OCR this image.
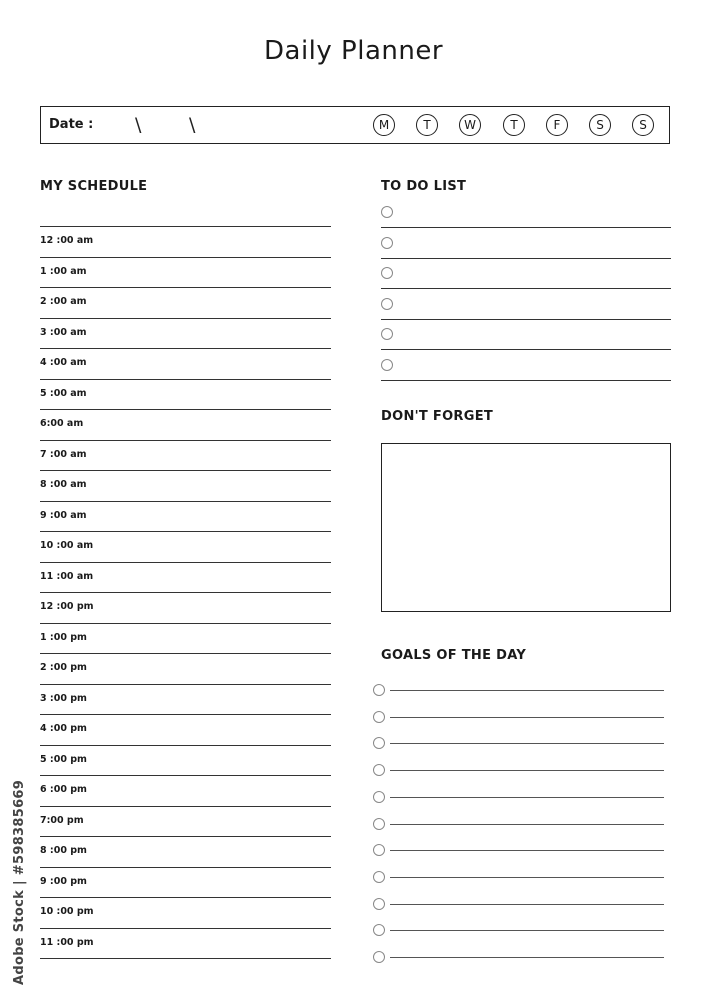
Daily Planner
Date : \	\	M	T	W	T	F	S	S
MY SCHEDULE
12 :00 am
1 :00 am
2 :00 am
3 :00 am
4 :00 am
5 :00 am
6:00 am
7 :00 am
8 :00 am
9 :00 am
10 :00 am
11 :00 am
12 :00 pm
1 :00 pm
2 :00 pm
3 :00 pm
4 :00 pm
5 :00 pm
6 :00 pm
7:00 pm
8 :00 pm
9 :00 pm
10 :00 pm
11 :00 pm
TO DO LIST
DON'T FORGET
GOALS OF THE DAY
Adobe Stock | #598385669
